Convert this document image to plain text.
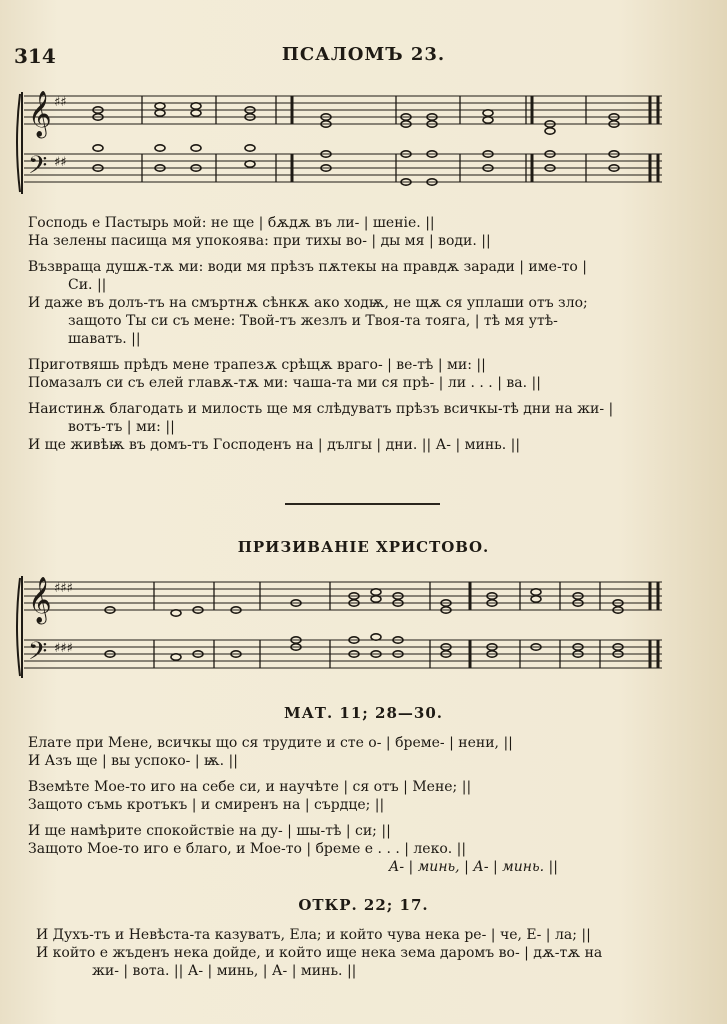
314	ПСАЛОМЪ 23.
𝄞
𝄢
♯♯
♯♯
Господь е Пастырь мой: не ще | бѫдѫ въ ли- | шеніе. ||
На зелены пасища мя упокоява: при тихы во- | ды мя | води. ||
Възвраща душѫ-тѫ ми: води мя прѣзъ пѫтекы на правдѫ заради | име-то |
Си. ||
И даже въ долъ-тъ на смъртнѫ сѣнкѫ ако ходѭ, не щѫ ся уплаши отъ зло;
защото Ты си съ мене: Твой-тъ жезлъ и Твоя-та тояга, | тѣ мя утѣ-
шаватъ. ||
Приготвяшь прѣдъ мене трапезѫ срѣщѫ враго- | ве-тѣ | ми: ||
Помазалъ си съ елей главѫ-тѫ ми: чаша-та ми ся прѣ- | ли . . . | ва. ||
Наистинѫ благодать и милость ще мя слѣдуватъ прѣзъ всичкы-тѣ дни на жи- |
вотъ-тъ | ми: ||
И ще живѣѭ въ домъ-тъ Господенъ на | дългы | дни. || А- | минь. ||
ПРИЗИВАНІЕ ХРИСТОВО.
𝄞
𝄢
♯♯♯
♯♯♯
МАТ. 11; 28—30.
Елате при Мене, всичкы що ся трудите и сте о- | бреме- | нени, ||
И Азъ ще | вы успоко- | ѭ. ||
Вземѣте Мое-то иго на себе си, и научѣте | ся отъ | Мене; ||
Защото съмь кротъкъ | и смиренъ на | сърдце; ||
И ще намѣрите спокойствіе на ду- | шы-тѣ | си; ||
Защото Мое-то иго е благо, и Мое-то | бреме е . . . | леко. ||
А- | минь, | А- | минь. ||
ОТКР. 22; 17.
И Духъ-тъ и Невѣста-та казуватъ, Ела; и който чува нека ре- | че, Е- | ла; ||
И който е жъденъ нека дойде, и който ище нека зема даромъ во- | дѫ-тѫ на
жи- | вота. || А- | минь, | А- | минь. ||
